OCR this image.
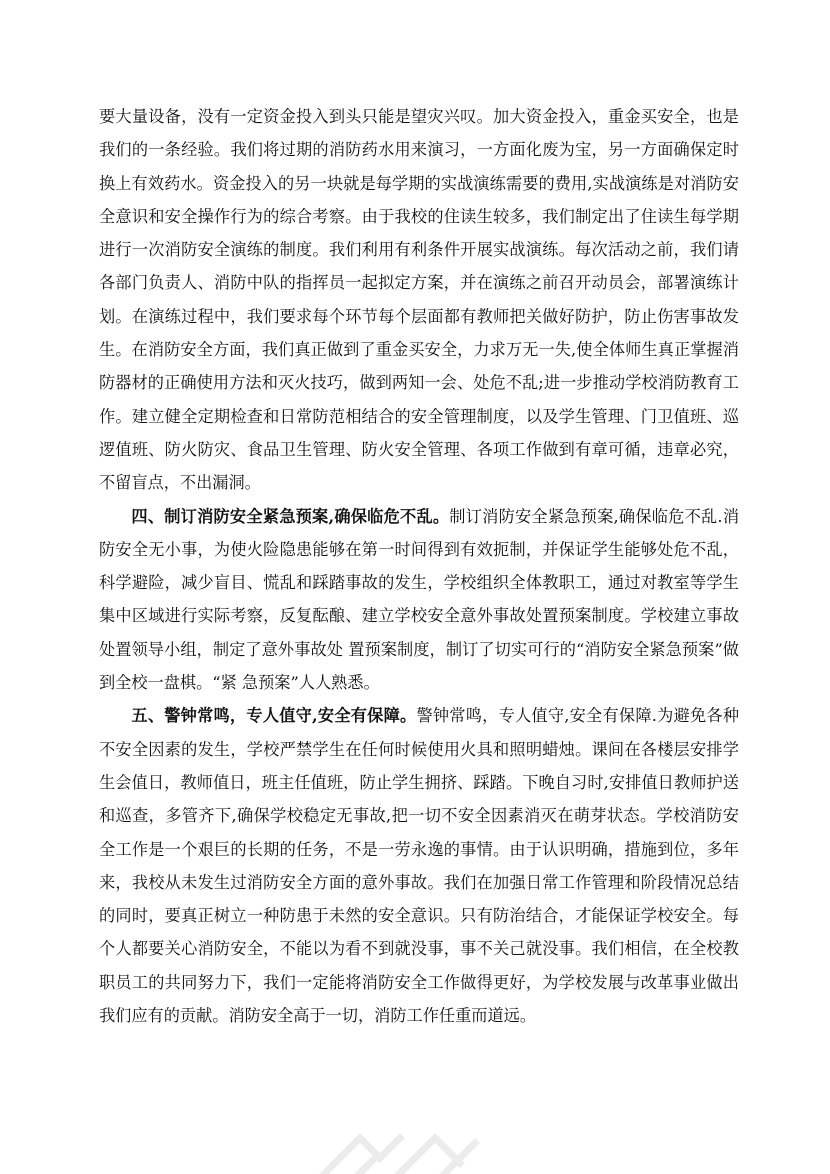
要大量设备，没有一定资金投入到头只能是望灾兴叹。加大资金投入，重金买安全，也是我们的一条经验。我们将过期的消防药水用来演习，一方面化废为宝，另一方面确保定时换上有效药水。资金投入的另一块就是每学期的实战演练需要的费用,实战演练是对消防安全意识和安全操作行为的综合考察。由于我校的住读生较多，我们制定出了住读生每学期进行一次消防安全演练的制度。我们利用有利条件开展实战演练。每次活动之前，我们请各部门负责人、消防中队的指挥员一起拟定方案，并在演练之前召开动员会，部署演练计划。在演练过程中，我们要求每个环节每个层面都有教师把关做好防护，防止伤害事故发生。在消防安全方面，我们真正做到了重金买安全，力求万无一失,使全体师生真正掌握消防器材的正确使用方法和灭火技巧，做到两知一会、处危不乱;进一步推动学校消防教育工作。建立健全定期检查和日常防范相结合的安全管理制度，以及学生管理、门卫值班、巡逻值班、防火防灾、食品卫生管理、防火安全管理、各项工作做到有章可循，违章必究，不留盲点，不出漏洞。

四、制订消防安全紧急预案,确保临危不乱。制订消防安全紧急预案,确保临危不乱.消防安全无小事，为使火险隐患能够在第一时间得到有效扼制，并保证学生能够处危不乱，科学避险，减少盲目、慌乱和踩踏事故的发生，学校组织全体教职工，通过对教室等学生集中区域进行实际考察，反复酝酿、建立学校安全意外事故处置预案制度。学校建立事故处置领导小组，制定了意外事故处 置预案制度，制订了切实可行的“消防安全紧急预案”做到全校一盘棋。“紧 急预案”人人熟悉。

五、警钟常鸣，专人值守,安全有保障。警钟常鸣，专人值守,安全有保障.为避免各种不安全因素的发生，学校严禁学生在任何时候使用火具和照明蜡烛。课间在各楼层安排学生会值日，教师值日，班主任值班，防止学生拥挤、踩踏。下晚自习时,安排值日教师护送和巡查，多管齐下,确保学校稳定无事故,把一切不安全因素消灭在萌芽状态。学校消防安全工作是一个艰巨的长期的任务，不是一劳永逸的事情。由于认识明确，措施到位，多年来，我校从未发生过消防安全方面的意外事故。我们在加强日常工作管理和阶段情况总结的同时，要真正树立一种防患于未然的安全意识。只有防治结合，才能保证学校安全。每个人都要关心消防安全，不能以为看不到就没事，事不关己就没事。我们相信，在全校教职员工的共同努力下，我们一定能将消防安全工作做得更好，为学校发展与改革事业做出我们应有的贡献。消防安全高于一切，消防工作任重而道远。
